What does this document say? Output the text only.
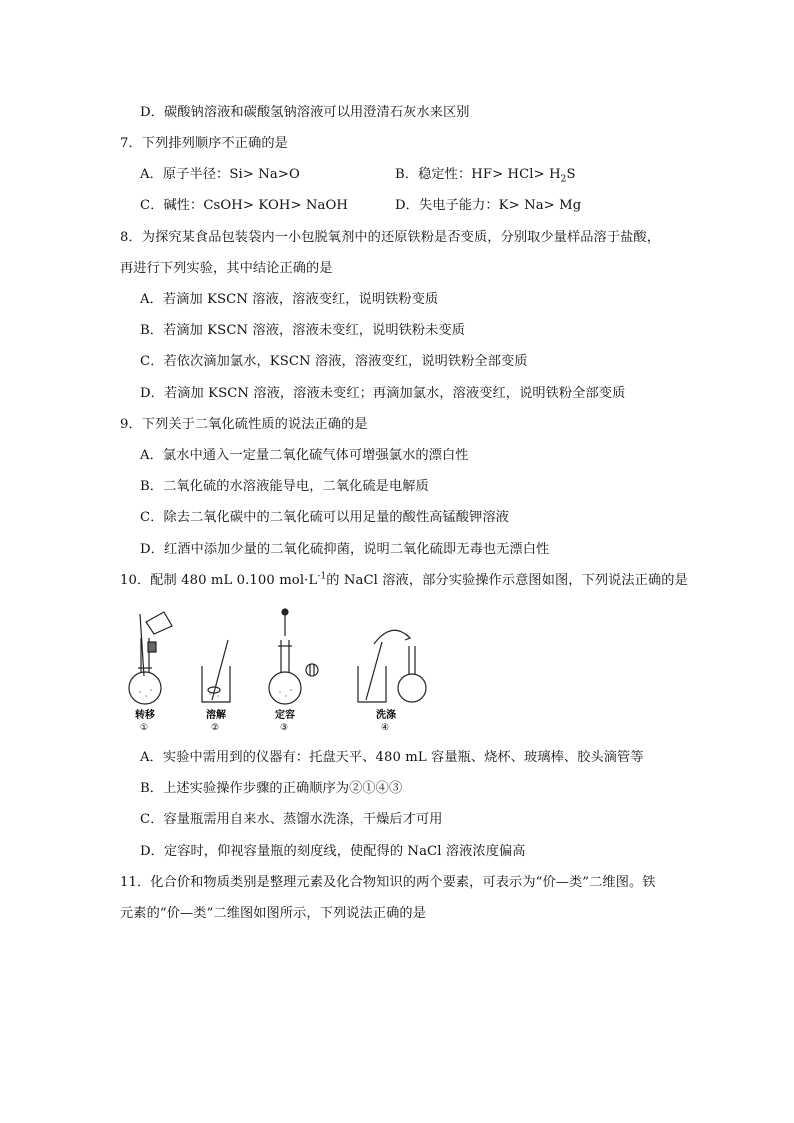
D．碳酸钠溶液和碳酸氢钠溶液可以用澄清石灰水来区别
7．下列排列顺序不正确的是
A．原子半径：Si> Na>O	B．稳定性：$HF> HCl> H_2S$
C．碱性：CsOH> KOH> NaOH	D．失电子能力：K> Na> Mg
8．为探究某食品包装袋内一小包脱氧剂中的还原铁粉是否变质，分别取少量样品溶于盐酸，
再进行下列实验，其中结论正确的是
A．若滴加 KSCN 溶液，溶液变红，说明铁粉变质
B．若滴加 KSCN 溶液，溶液未变红，说明铁粉未变质
C．若依次滴加氯水，KSCN 溶液，溶液变红，说明铁粉全部变质
D．若滴加 KSCN 溶液，溶液未变红；再滴加氯水，溶液变红，说明铁粉全部变质
9．下列关于二氧化硫性质的说法正确的是
A．氯水中通入一定量二氧化硫气体可增强氯水的漂白性
B．二氧化硫的水溶液能导电，二氧化硫是电解质
C．除去二氧化碳中的二氧化硫可以用足量的酸性高锰酸钾溶液
D．红酒中添加少量的二氧化硫抑菌，说明二氧化硫即无毒也无漂白性
10．配制 480 mL 0.100 $mol\cdot L^{-1}$的 NaCl 溶液，部分实验操作示意图如图，下列说法正确的是
转移
①
溶解
②
定容
③
洗涤
④
A．实验中需用到的仪器有：托盘天平、480 mL 容量瓶、烧杯、玻璃棒、胶头滴管等
B．上述实验操作步骤的正确顺序为②①④③
C．容量瓶需用自来水、蒸馏水洗涤，干燥后才可用
D．定容时，仰视容量瓶的刻度线，使配得的 NaCl 溶液浓度偏高
11．化合价和物质类别是整理元素及化合物知识的两个要素，可表示为“价—类”二维图。铁
元素的“价—类”二维图如图所示，下列说法正确的是
